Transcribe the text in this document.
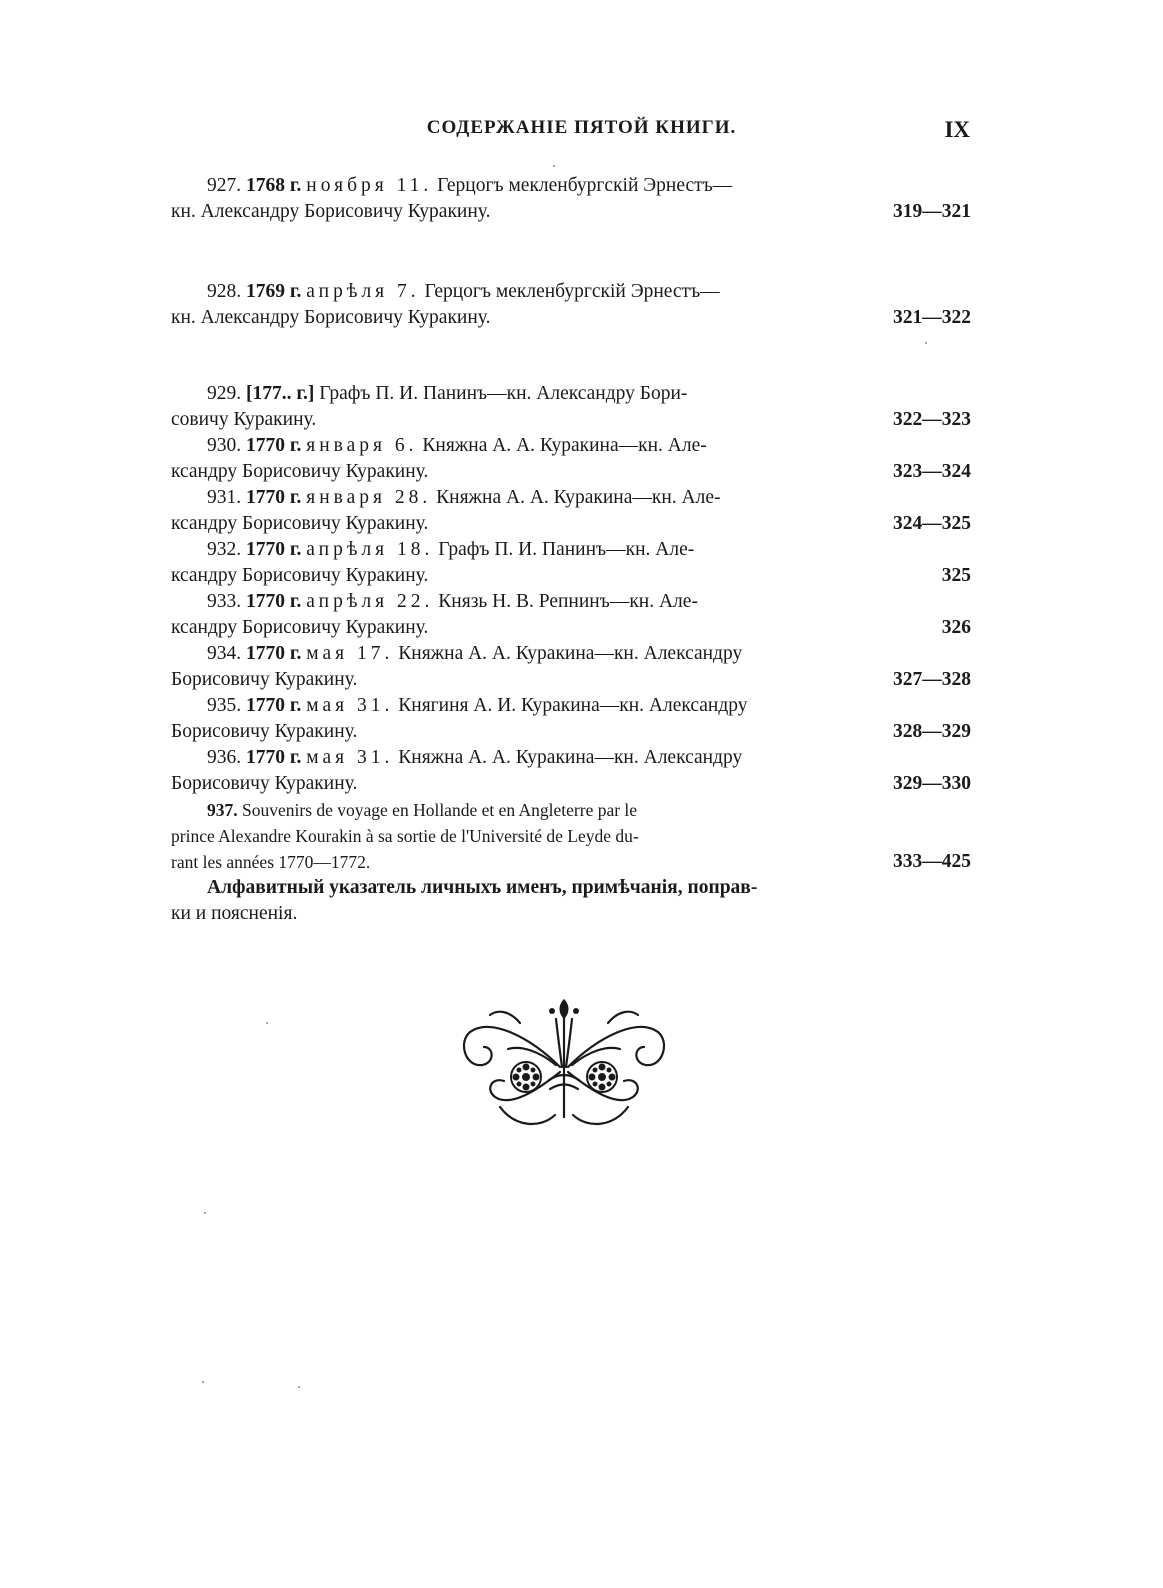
СОДЕРЖАНІЕ ПЯТОЙ КНИГИ.	IX
927. 1768 г. ноября 11. Герцогъ мекленбургскій Эрнестъ—
кн. Александру Борисовичу Куракину.	319—321
928. 1769 г. апрѣля 7. Герцогъ мекленбургскій Эрнестъ—
кн. Александру Борисовичу Куракину.	321—322
929. [177.. г.] Графъ П. И. Панинъ—кн. Александру Бори-
совичу Куракину.	322—323
930. 1770 г. января 6. Княжна А. А. Куракина—кн. Але-
ксандру Борисовичу Куракину.	323—324
931. 1770 г. января 28. Княжна А. А. Куракина—кн. Але-
ксандру Борисовичу Куракину.	324—325
932. 1770 г. апрѣля 18. Графъ П. И. Панинъ—кн. Але-
ксандру Борисовичу Куракину.	325
933. 1770 г. апрѣля 22. Князь Н. В. Репнинъ—кн. Але-
ксандру Борисовичу Куракину.	326
934. 1770 г. мая 17. Княжна А. А. Куракина—кн. Александру
Борисовичу Куракину.	327—328
935. 1770 г. мая 31. Княгиня А. И. Куракина—кн. Александру
Борисовичу Куракину.	328—329
936. 1770 г. мая 31. Княжна А. А. Куракина—кн. Александру
Борисовичу Куракину.	329—330
937. Souvenirs de voyage en Hollande et en Angleterre par le
prince Alexandre Kourakin à sa sortie de l'Université de Leyde du-
rant les années 1770—1772.	333—425
Алфавитный указатель личныхъ именъ, примѣчанія, поправ-
ки и поясненія.
